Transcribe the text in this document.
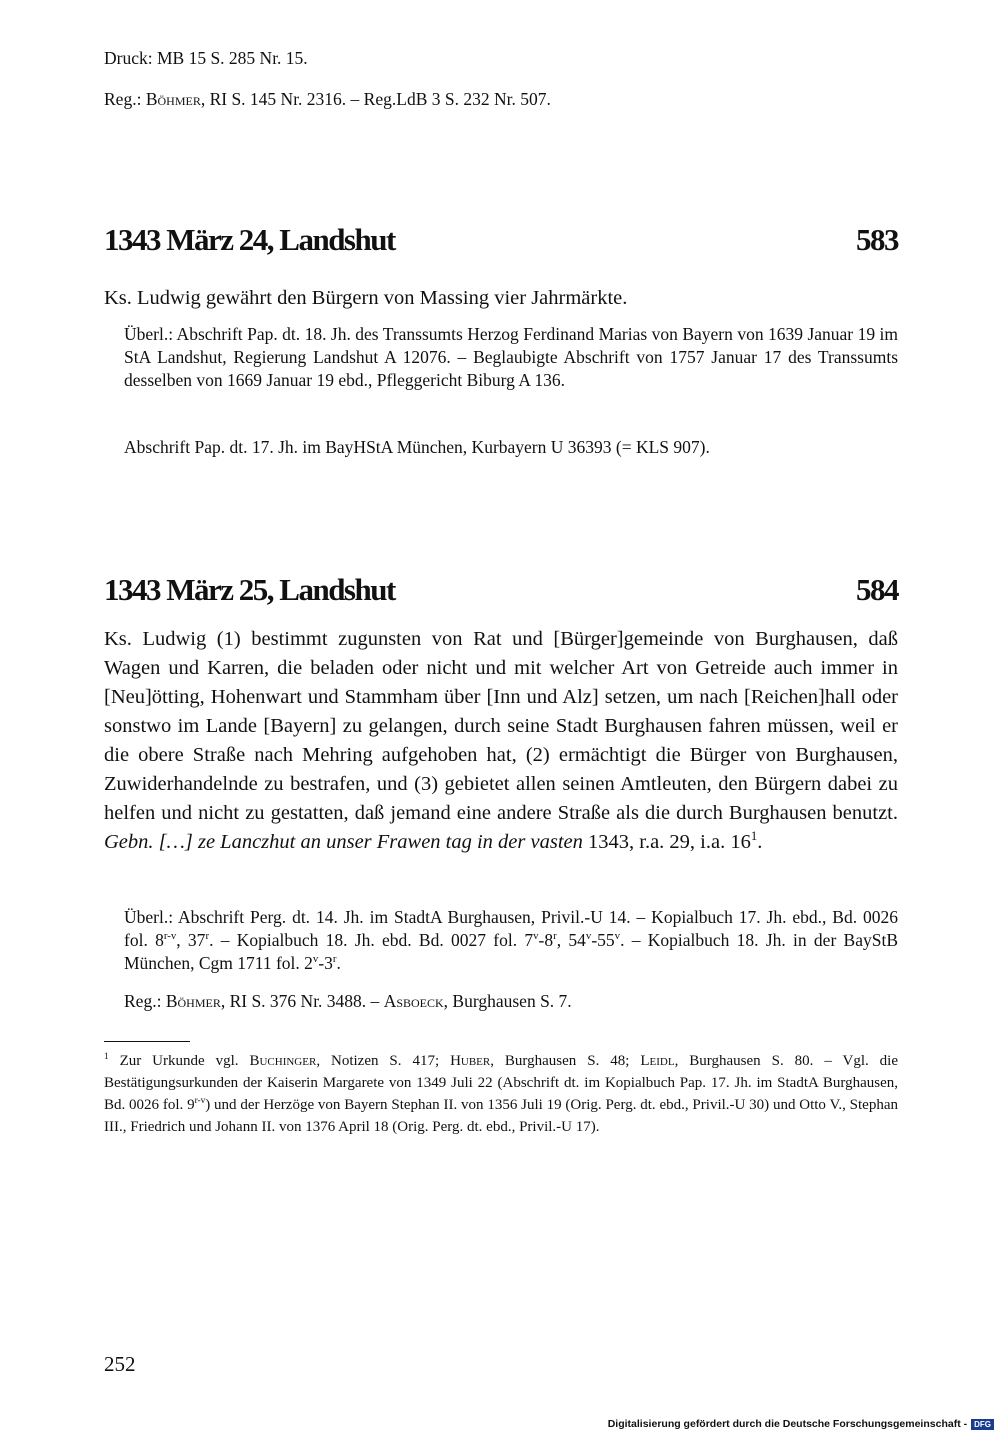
Druck: MB 15 S. 285 Nr. 15.
Reg.: Böhmer, RI S. 145 Nr. 2316. – Reg.LdB 3 S. 232 Nr. 507.
1343 März 24, Landshut	583
Ks. Ludwig gewährt den Bürgern von Massing vier Jahrmärkte.
Überl.: Abschrift Pap. dt. 18. Jh. des Transsumts Herzog Ferdinand Marias von Bayern von 1639 Januar 19 im StA Landshut, Regierung Landshut A 12076. – Beglaubigte Abschrift von 1757 Januar 17 des Transsumts desselben von 1669 Januar 19 ebd., Pfleggericht Biburg A 136.
Abschrift Pap. dt. 17. Jh. im BayHStA München, Kurbayern U 36393 (= KLS 907).
1343 März 25, Landshut	584
Ks. Ludwig (1) bestimmt zugunsten von Rat und [Bürger]gemeinde von Burghausen, daß Wagen und Karren, die beladen oder nicht und mit welcher Art von Getreide auch immer in [Neu]ötting, Hohenwart und Stammham über [Inn und Alz] setzen, um nach [Reichen]hall oder sonstwo im Lande [Bayern] zu gelangen, durch seine Stadt Burghausen fahren müssen, weil er die obere Straße nach Mehring aufgehoben hat, (2) ermächtigt die Bürger von Burghausen, Zuwiderhandelnde zu bestrafen, und (3) gebietet allen seinen Amtleuten, den Bürgern dabei zu helfen und nicht zu gestatten, daß jemand eine andere Straße als die durch Burghausen benutzt. Gebn. […] ze Lanczhut an unser Frawen tag in der vasten 1343, r.a. 29, i.a. $16^1$.
Überl.: Abschrift Perg. dt. 14. Jh. im StadtA Burghausen, Privil.-U 14. – Kopialbuch 17. Jh. ebd., Bd. 0026 fol. 8$^{r-v}$, 37$^r$. – Kopialbuch 18. Jh. ebd. Bd. 0027 fol. 7$^v$-8$^r$, 54$^v$-55$^v$. – Kopialbuch 18. Jh. in der BayStB München, Cgm 1711 fol. 2$^v$-3$^r$.
Reg.: Böhmer, RI S. 376 Nr. 3488. – Asboeck, Burghausen S. 7.
$^1$ Zur Urkunde vgl. Buchinger, Notizen S. 417; Huber, Burghausen S. 48; Leidl, Burghausen S. 80. – Vgl. die Bestätigungsurkunden der Kaiserin Margarete von 1349 Juli 22 (Abschrift dt. im Kopialbuch Pap. 17. Jh. im StadtA Burghausen, Bd. 0026 fol. 9$^{r-v}$) und der Herzöge von Bayern Stephan II. von 1356 Juli 19 (Orig. Perg. dt. ebd., Privil.-U 30) und Otto V., Stephan III., Friedrich und Johann II. von 1376 April 18 (Orig. Perg. dt. ebd., Privil.-U 17).
252
Digitalisierung gefördert durch die Deutsche Forschungsgemeinschaft - DFG
